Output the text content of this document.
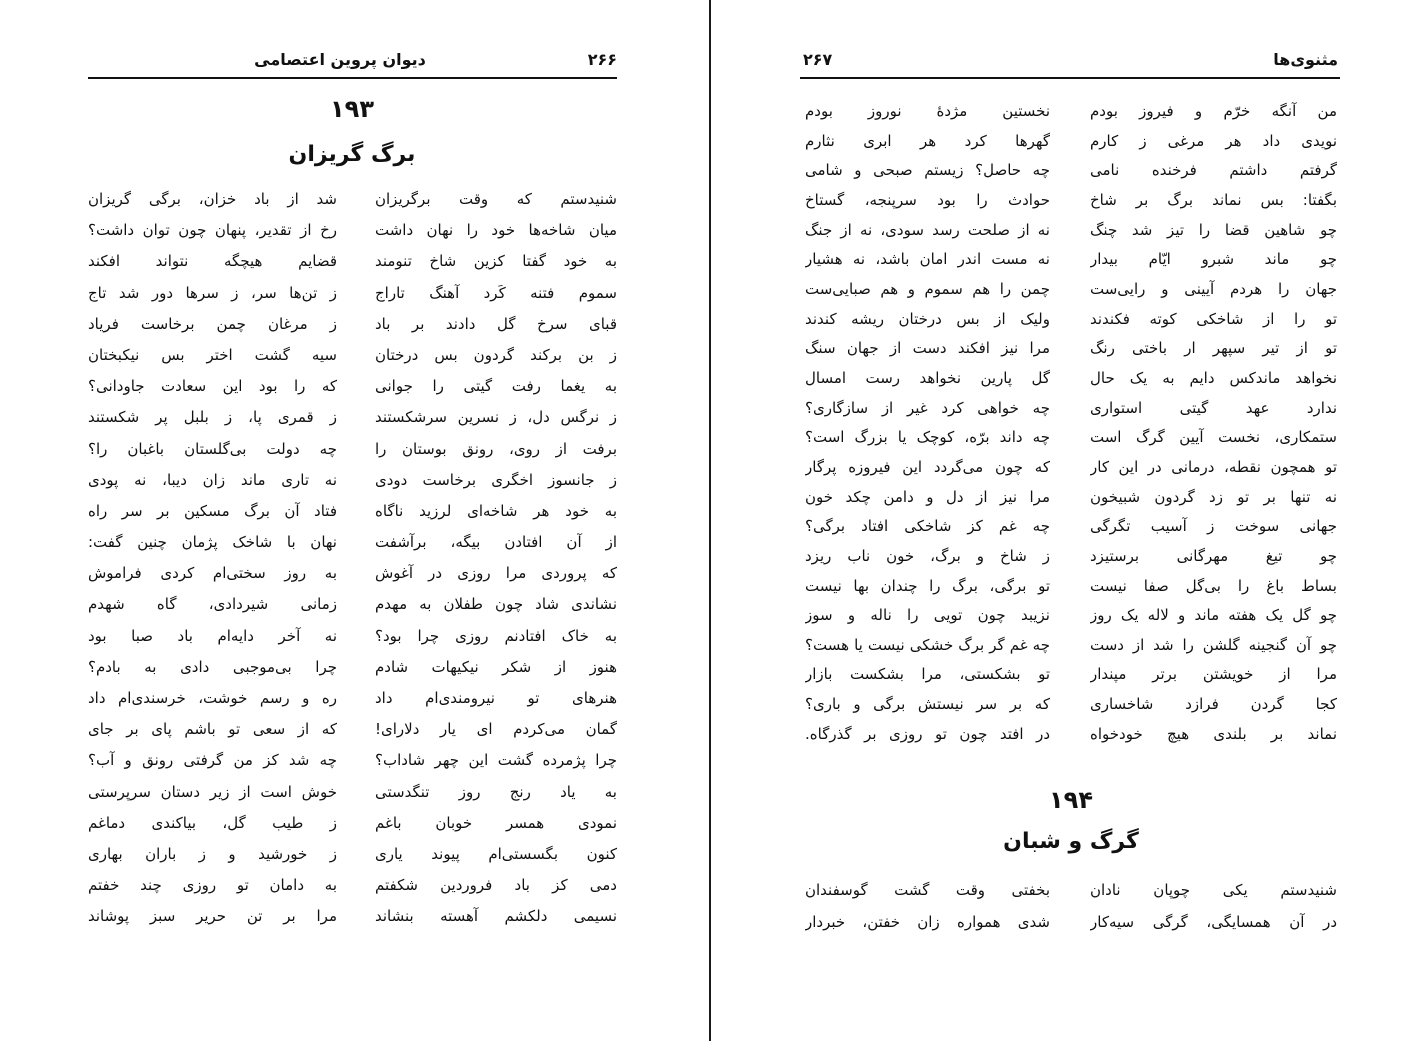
دیوان پروین اعتصامی	۲۶۶
۱۹۳
برگ گریزان
شنیدستم که وقت برگریزان
شد از باد خزان، برگی گریزان
میان شاخه‌ها خود را نهان داشت
رخ از تقدیر، پنهان چون توان داشت؟
به خود گفتا کزین شاخ تنومند
قضایم هیچگه نتواند افکند
سموم فتنه کَرد آهنگ تاراج
ز تن‌ها سر، ز سرها دور شد تاج
قبای سرخ گل دادند بر باد
ز مرغان چمن برخاست فریاد
ز بن برکند گردون بس درختان
سیه گشت اختر بس نیکبختان
به یغما رفت گیتی را جوانی
که را بود این سعادت جاودانی؟
ز نرگس دل، ز نسرین سرشکستند
ز قمری پا، ز بلبل پر شکستند
برفت از روی، رونق بوستان را
چه دولت بی‌گلستان باغبان را؟
ز جانسوز اخگری برخاست دودی
نه تاری ماند زان دیبا، نه پودی
به خود هر شاخه‌ای لرزید ناگاه
فتاد آن برگ مسکین بر سر راه
از آن افتادن بیگه، برآشفت
نهان با شاخک پژمان چنین گفت:
که پروردی مرا روزی در آغوش
به روز سختی‌ام کردی فراموش
نشاندی شاد چون طفلان به مهدم
زمانی شیردادی، گاه شهدم
به خاک افتادنم روزی چرا بود؟
نه آخر دایه‌ام باد صبا بود
هنوز از شکر نیکیهات شادم
چرا بی‌موجبی دادی به بادم؟
هنرهای تو نیرومندی‌ام داد
ره و رسم خوشت، خرسندی‌ام داد
گمان می‌کردم ای یار دلارای!
که از سعی تو باشم پای بر جای
چرا پژمرده گشت این چهر شاداب؟
چه شد کز من گرفتی رونق و آب؟
به یاد رنج روز تنگدستی
خوش است از زیر دستان سرپرستی
نمودی همسر خوبان باغم
ز طیب گل، بیاکندی دماغم
کنون بگسستی‌ام پیوند یاری
ز خورشید و ز باران بهاری
دمی کز باد فروردین شکفتم
به دامان تو روزی چند خفتم
نسیمی دلکشم آهسته بنشاند
مرا بر تن حریر سبز پوشاند
۲۶۷	مثنوی‌ها
من آنگه خرّم و فیروز بودم
نخستین مژدهٔ نوروز بودم
نویدی داد هر مرغی ز کارم
گهرها کرد هر ابری نثارم
گرفتم داشتم فرخنده نامی
چه حاصل؟ زیستم صبحی و شامی
بگفتا: بس نماند برگ بر شاخ
حوادث را بود سرپنجه، گستاخ
چو شاهین قضا را تیز شد چنگ
نه از صلحت رسد سودی، نه از جنگ
چو ماند شبرو ایّام بیدار
نه مست اندر امان باشد، نه هشیار
جهان را هردم آیینی و رایی‌ست
چمن را هم سموم و هم صبایی‌ست
تو را از شاخکی کوته فکندند
ولیک از بس درختان ریشه کندند
تو از تیر سپهر ار باختی رنگ
مرا نیز افکند دست از جهان سنگ
نخواهد ماندکس دایم به یک حال
گل پارین نخواهد رست امسال
ندارد عهد گیتی استواری
چه خواهی کرد غیر از سازگاری؟
ستمکاری، نخست آیین گرگ است
چه داند برّه، کوچک یا بزرگ است؟
تو همچون نقطه، درمانی در این کار
که چون می‌گردد این فیروزه پرگار
نه تنها بر تو زد گردون شبیخون
مرا نیز از دل و دامن چکد خون
جهانی سوخت ز آسیب تگرگی
چه غم کز شاخکی افتاد برگی؟
چو تیغ مهرگانی برستیزد
ز شاخ و برگ، خون ناب ریزد
بساط باغ را بی‌گل صفا نیست
تو برگی، برگ را چندان بها نیست
چو گل یک هفته ماند و لاله یک روز
نزیبد چون تویی را ناله و سوز
چو آن گنجینه گلشن را شد از دست
چه غم گر برگ خشکی نیست یا هست؟
مرا از خویشتن برتر مپندار
تو بشکستی، مرا بشکست بازار
کجا گردن فرازد شاخساری
که بر سر نیستش برگی و باری؟
نماند بر بلندی هیچ خودخواه
در افتد چون تو روزی بر گذرگاه.
۱۹۴
گرگ و شبان
شنیدستم یکی چوپان نادان
بخفتی وقت گشت گوسفندان
در آن همسایگی، گرگی سیه‌کار
شدی همواره زان خفتن، خبردار
